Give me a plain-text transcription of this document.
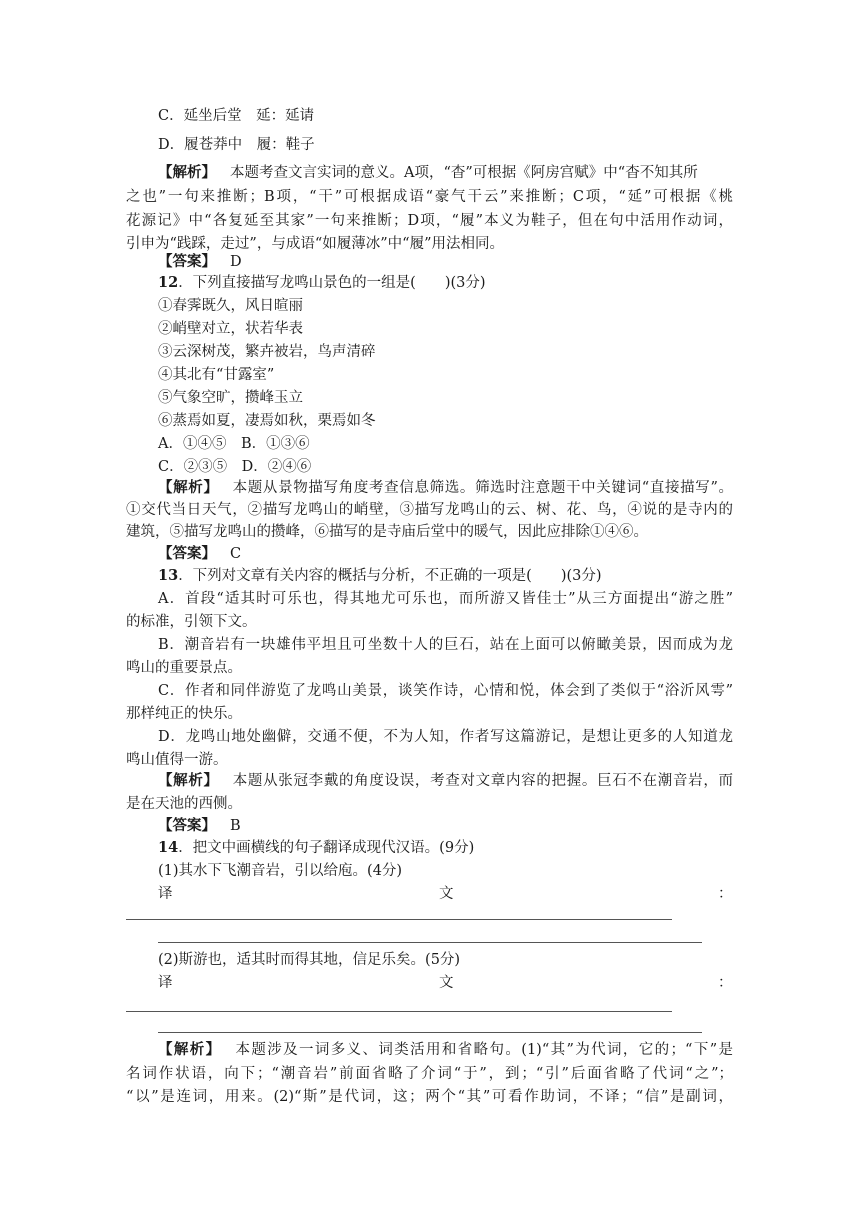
C．延坐后堂　延：延请
D．履苍莽中　履：鞋子
【解析】 本题考查文言实词的意义。A项，“杳”可根据《阿房宫赋》中“杳不知其所
之也”一句来推断；B项，“干”可根据成语“豪气干云”来推断；C项，“延”可根据《桃
花源记》中“各复延至其家”一句来推断；D项，“履”本义为鞋子，但在句中活用作动词，
引申为“践踩，走过”，与成语“如履薄冰”中“履”用法相同。
【答案】 D
12．下列直接描写龙鸣山景色的一组是(　　)(3分)
①春霁既久，风日暄丽
②峭壁对立，状若华表
③云深树茂，繁卉被岩，鸟声清碎
④其北有“甘露室”
⑤气象空旷，攒峰玉立
⑥蒸焉如夏，凄焉如秋，栗焉如冬
A．①④⑤　B．①③⑥
C．②③⑤　D．②④⑥
【解析】 本题从景物描写角度考查信息筛选。筛选时注意题干中关键词“直接描写”。
①交代当日天气，②描写龙鸣山的峭壁，③描写龙鸣山的云、树、花、鸟，④说的是寺内的
建筑，⑤描写龙鸣山的攒峰，⑥描写的是寺庙后堂中的暖气，因此应排除①④⑥。
【答案】 C
13．下列对文章有关内容的概括与分析，不正确的一项是(　　)(3分)
A．首段“适其时可乐也，得其地尤可乐也，而所游又皆佳士”从三方面提出“游之胜”
的标准，引领下文。
B．潮音岩有一块雄伟平坦且可坐数十人的巨石，站在上面可以俯瞰美景，因而成为龙
鸣山的重要景点。
C．作者和同伴游览了龙鸣山美景，谈笑作诗，心情和悦，体会到了类似于“浴沂风雩”
那样纯正的快乐。
D．龙鸣山地处幽僻，交通不便，不为人知，作者写这篇游记，是想让更多的人知道龙
鸣山值得一游。
【解析】 本题从张冠李戴的角度设误，考查对文章内容的把握。巨石不在潮音岩，而
是在天池的西侧。
【答案】 B
14．把文中画横线的句子翻译成现代汉语。(9分)
(1)其水下飞潮音岩，引以给庖。(4分)
译	文	：
(2)斯游也，适其时而得其地，信足乐矣。(5分)
译	文	：
【解析】 本题涉及一词多义、词类活用和省略句。(1)“其”为代词，它的；“下”是
名词作状语，向下；“潮音岩”前面省略了介词“于”，到；“引”后面省略了代词“之”；
“以”是连词，用来。(2)“斯”是代词，这；两个“其”可看作助词，不译；“信”是副词，
